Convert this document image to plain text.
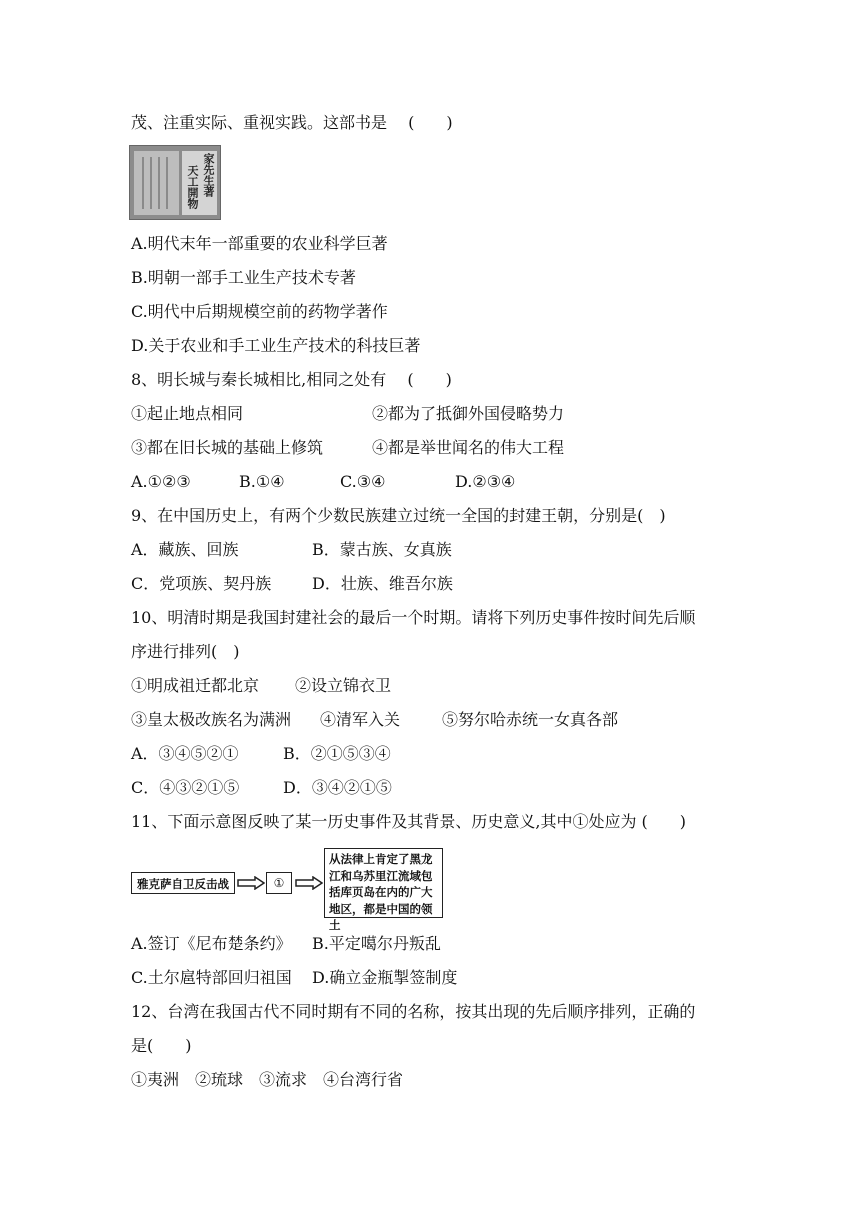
茂、注重实际、重视实践。这部书是　 (　　)
家先生著
天工開物
A.明代末年一部重要的农业科学巨著
B.明朝一部手工业生产技术专著
C.明代中后期规模空前的药物学著作
D.关于农业和手工业生产技术的科技巨著
8、明长城与秦长城相比,相同之处有　 (　　)
①起止地点相同	②都为了抵御外国侵略势力
③都在旧长城的基础上修筑	④都是举世闻名的伟大工程
A.①②③	B.①④	C.③④	D.②③④
9、在中国历史上，有两个少数民族建立过统一全国的封建王朝，分别是(　)
A．藏族、回族	B．蒙古族、女真族
C．党项族、契丹族	D．壮族、维吾尔族
10、明清时期是我国封建社会的最后一个时期。请将下列历史事件按时间先后顺
序进行排列(　)
①明成祖迁都北京 ②设立锦衣卫
③皇太极改族名为满洲 ④清军入关	⑤努尔哈赤统一女真各部
A．③④⑤②①	B．②①⑤③④
C．④③②①⑤	D．③④②①⑤
11、下面示意图反映了某一历史事件及其背景、历史意义,其中①处应为 (　　)
雅克萨自卫反击战	①
从法律上肯定了黑龙江和乌苏里江流域包括库页岛在内的广大地区，都是中国的领土
A.签订《尼布楚条约》 B.平定噶尔丹叛乱
C.土尔扈特部回归祖国 D.确立金瓶掣签制度
12、台湾在我国古代不同时期有不同的名称，按其出现的先后顺序排列，正确的
是(　　)
①夷洲　②琉球　③流求　④台湾行省
